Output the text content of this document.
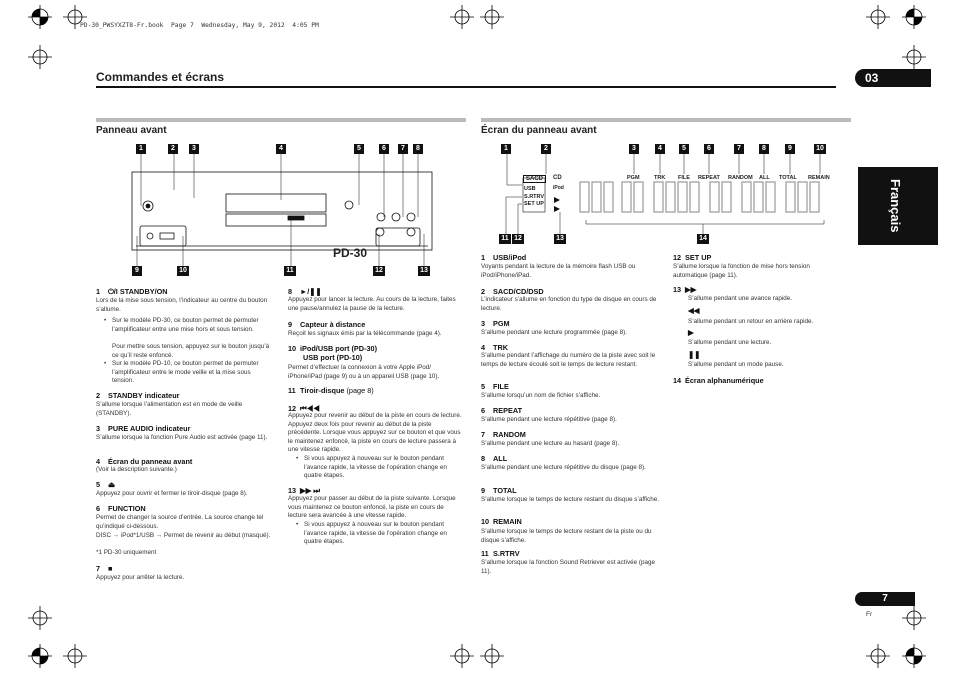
PD-30_PWSYXZT8-Fr.book  Page 7  Wednesday, May 9, 2012  4:05 PM
Commandes et écrans	03
Français
Panneau avant	Écran du panneau avant
PD-30
1	2	3	4	5	6	7	8
9	10	11	12	13
SACD	CD
USB	iPod
S.RTRV
SET UP
PGM	TRK FILE REPEAT RANDOM ALL TOTAL REMAIN
1	2	3	4	5	6	7	8	9	10
11 12	13	14
1 ⏻/I STANDBY/ON
Lors de la mise sous tension, l’indicateur au centre du bouton s’allume.
• Sur le modèle PD-30, ce bouton permet de permuter l’amplificateur entre une mise hors et sous tension.
Pour mettre sous tension, appuyez sur le bouton jusqu’à ce qu’il reste enfoncé.
• Sur le modèle PD-10, ce bouton permet de permuter l’amplificateur entre le mode veille et la mise sous tension.
2 STANDBY indicateur
S’allume lorsque l’alimentation est en mode de veille (STANDBY).
3 PURE AUDIO indicateur
S’allume lorsque la fonction Pure Audio est activée (page 11).
4 Écran du panneau avant
(Voir la description suivante.)
5 ⏏
Appuyez pour ouvrir et fermer le tiroir-disque (page 8).
6 FUNCTION
Permet de changer la source d’entrée. La source change tel qu’indiqué ci-dessous.
DISC → iPod*1/USB → Permet de revenir au début (masqué).
*1 PD-30 uniquement
7 ■
Appuyez pour arrêter la lecture.
8 ►/❚❚
Appuyez pour lancer la lecture. Au cours de la lecture, faites une pause/annulez la pause de la lecture.
9 Capteur à distance
Reçoit les signaux émis par la télécommande (page 4).
10 iPod/USB port (PD-30)
USB port (PD-10)
Permet d’effectuer la connexion à votre Apple iPod/ iPhone/iPad (page 9) ou à un appareil USB (page 10).
11 Tiroir-disque (page 8)
12 ⏮◀◀
Appuyez pour revenir au début de la piste en cours de lecture. Appuyez deux fois pour revenir au début de la piste précédente. Lorsque vous appuyez sur ce bouton et que vous le maintenez enfoncé, la piste en cours de lecture passera à une vitesse rapide.
• Si vous appuyez à nouveau sur le bouton pendant l’avance rapide, la vitesse de l’opération change en quatre étapes.
13 ▶▶ ⏭
Appuyez pour passer au début de la piste suivante. Lorsque vous maintenez ce bouton enfoncé, la piste en cours de lecture sera avancée à une vitesse rapide.
• Si vous appuyez à nouveau sur le bouton pendant l’avance rapide, la vitesse de l’opération change en quatre étapes.
1 USB/iPod
Voyants pendant la lecture de la mémoire flash USB ou iPod/iPhone/iPad.
2 SACD/CD/DSD
L’indicateur s’allume en fonction du type de disque en cours de lecture.
3 PGM
S’allume pendant une lecture programmée (page 8).
4 TRK
S’allume pendant l’affichage du numéro de la piste avec soit le temps de lecture écoulé soit le temps de lecture restant.
5 FILE
S’allume lorsqu’un nom de fichier s’affiche.
6 REPEAT
S’allume pendant une lecture répétitive (page 8).
7 RANDOM
S’allume pendant une lecture au hasard (page 8).
8 ALL
S’allume pendant une lecture répétitive du disque (page 8).
9 TOTAL
S’allume lorsque le temps de lecture restant du disque s’affiche.
10 REMAIN
S’allume lorsque le temps de lecture restant de la piste ou du disque s’affiche.
11 S.RTRV
S’allume lorsque la fonction Sound Retriever est activée (page 11).
12 SET UP
S’allume lorsque la fonction de mise hors tension automatique (page 11).
13 ▶▶
S’allume pendant une avance rapide.
◀◀
S’allume pendant un retour en arrière rapide.
▶
S’allume pendant une lecture.
❚❚
S’allume pendant un mode pause.
14 Écran alphanumérique
7
Fr
